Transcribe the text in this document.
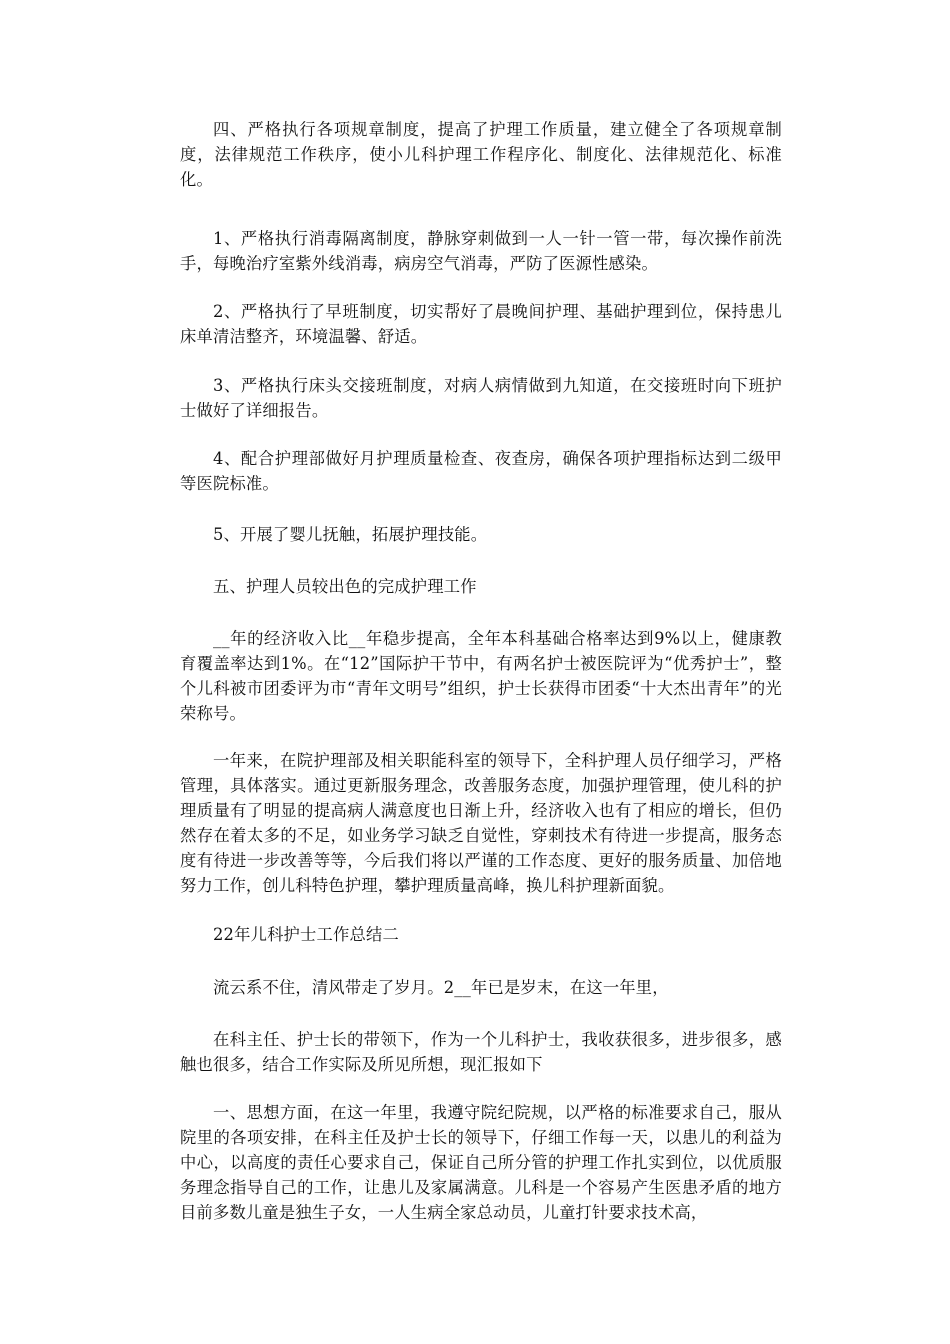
四、严格执行各项规章制度，提高了护理工作质量，建立健全了各项规章制度，法律规范工作秩序，使小儿科护理工作程序化、制度化、法律规范化、标准化。

1、严格执行消毒隔离制度，静脉穿刺做到一人一针一管一带，每次操作前洗手，每晚治疗室紫外线消毒，病房空气消毒，严防了医源性感染。

2、严格执行了早班制度，切实帮好了晨晚间护理、基础护理到位，保持患儿床单清洁整齐，环境温馨、舒适。

3、严格执行床头交接班制度，对病人病情做到九知道，在交接班时向下班护士做好了详细报告。

4、配合护理部做好月护理质量检查、夜查房，确保各项护理指标达到二级甲等医院标准。

5、开展了婴儿抚触，拓展护理技能。

五、护理人员较出色的完成护理工作

__年的经济收入比__年稳步提高，全年本科基础合格率达到9%以上，健康教育覆盖率达到1%。在“12”国际护干节中，有两名护士被医院评为“优秀护士”，整个儿科被市团委评为市“青年文明号”组织，护士长获得市团委“十大杰出青年”的光荣称号。

一年来，在院护理部及相关职能科室的领导下，全科护理人员仔细学习，严格管理，具体落实。通过更新服务理念，改善服务态度，加强护理管理，使儿科的护理质量有了明显的提高病人满意度也日渐上升，经济收入也有了相应的增长，但仍然存在着太多的不足，如业务学习缺乏自觉性，穿刺技术有待进一步提高，服务态度有待进一步改善等等，今后我们将以严谨的工作态度、更好的服务质量、加倍地努力工作，创儿科特色护理，攀护理质量高峰，换儿科护理新面貌。

22年儿科护士工作总结二

流云系不住，清风带走了岁月。2__年已是岁末，在这一年里，

在科主任、护士长的带领下，作为一个儿科护士，我收获很多，进步很多，感触也很多，结合工作实际及所见所想，现汇报如下

一、思想方面，在这一年里，我遵守院纪院规，以严格的标准要求自己，服从院里的各项安排，在科主任及护士长的领导下，仔细工作每一天，以患儿的利益为中心，以高度的责任心要求自己，保证自己所分管的护理工作扎实到位，以优质服务理念指导自己的工作，让患儿及家属满意。儿科是一个容易产生医患矛盾的地方目前多数儿童是独生子女，一人生病全家总动员，儿童打针要求技术高，
